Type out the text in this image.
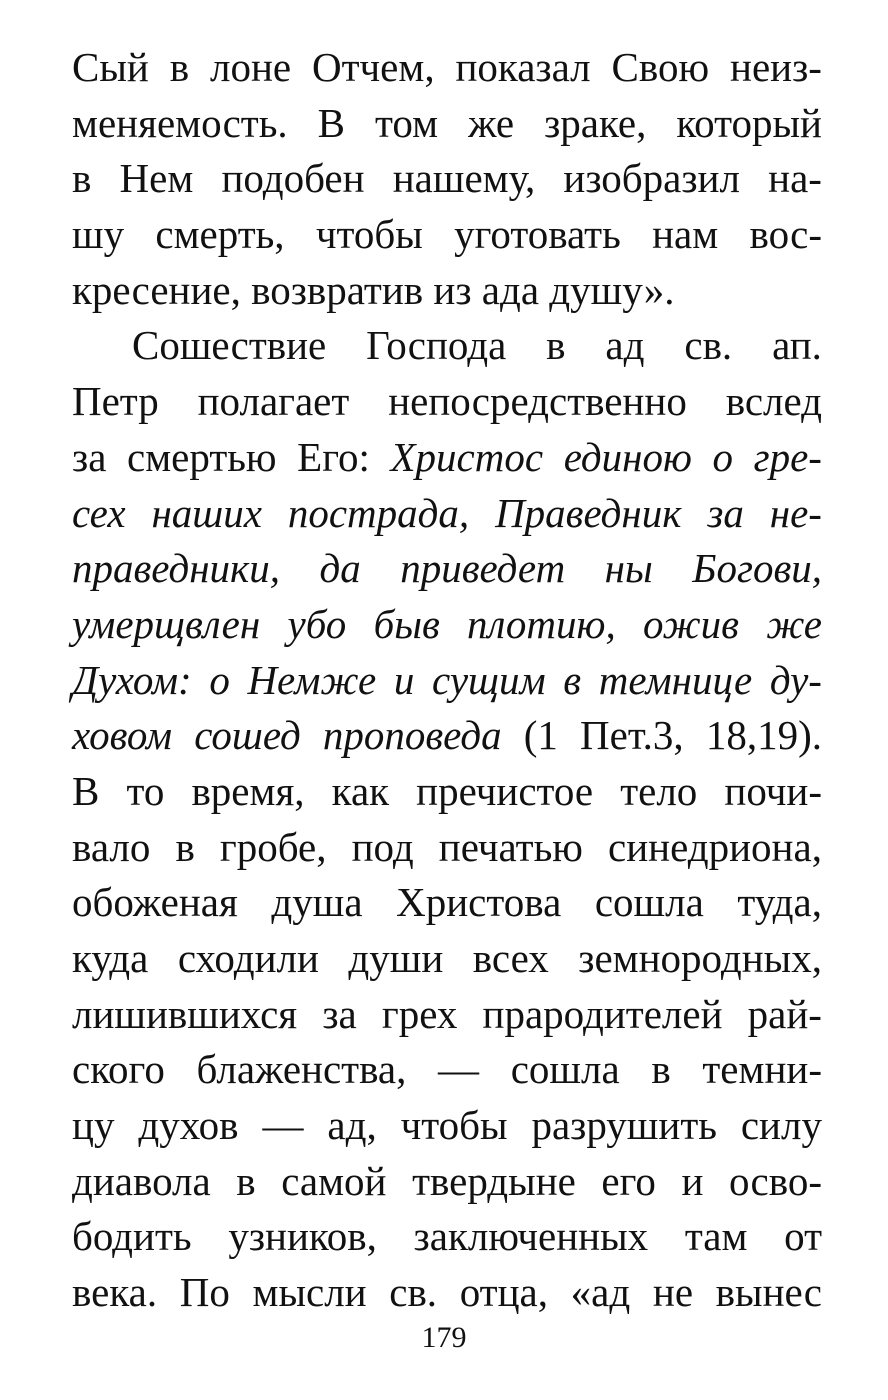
Сый в лоне Отчем, показал Свою неиз-
меняемость. В том же зраке, который
в Нем подобен нашему, изобразил на-
шу смерть, чтобы уготовать нам вос-
кресение,
возвратив
из
ада
душу».
Сошествие Господа в ад св. ап.
Петр полагает непосредственно вслед
за смертью Его: Христос единою о гре-
сех наших пострада, Праведник за не-
праведники, да приведет ны Богови,
умерщвлен убо быв плотию, ожив же
Духом: о Немже и сущим в темнице ду-
ховом сошед проповеда (1 Пет.3, 18,19).
В то время, как пречистое тело почи-
вало в гробе, под печатью синедриона,
обоженая душа Христова сошла туда,
куда сходили души всех земнородных,
лишившихся за грех прародителей рай-
ского блаженства, — сошла в темни-
цу духов — ад, чтобы разрушить силу
диавола в самой твердыне его и осво-
бодить узников, заключенных там от
века. По мысли св. отца, «ад не вынес
179
